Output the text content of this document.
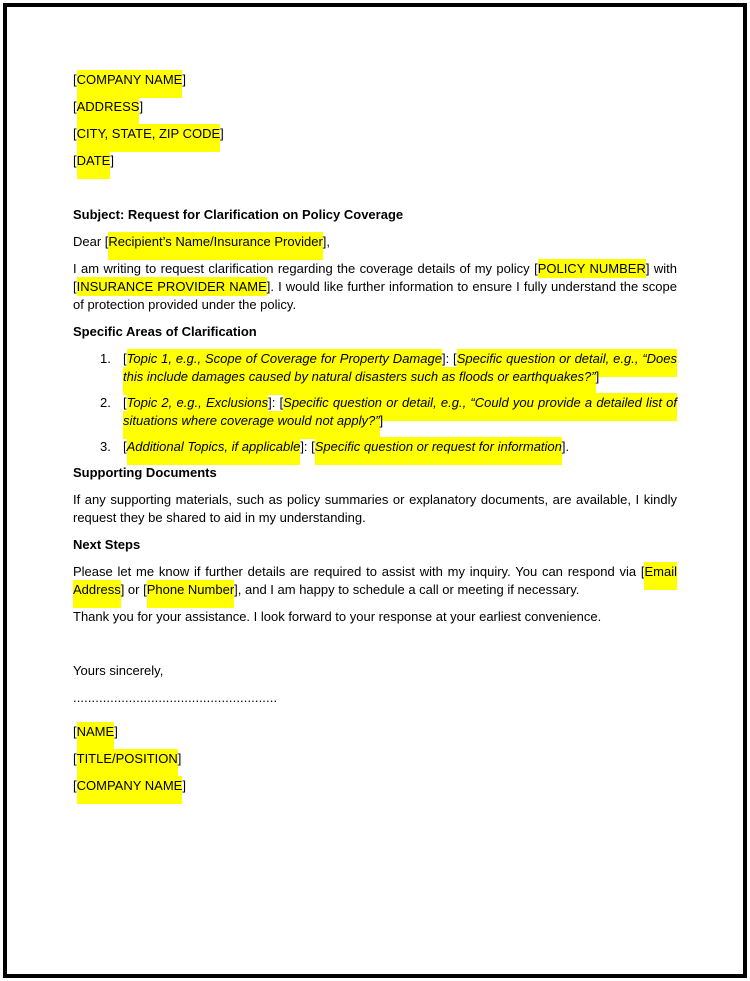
[COMPANY NAME]

[ADDRESS]

[CITY, STATE, ZIP CODE]

[DATE]

Subject: Request for Clarification on Policy Coverage

Dear [Recipient’s Name/Insurance Provider],

I am writing to request clarification regarding the coverage details of my policy [POLICY NUMBER] with [INSURANCE PROVIDER NAME]. I would like further information to ensure I fully understand the scope of protection provided under the policy.

Specific Areas of Clarification

1. [Topic 1, e.g., Scope of Coverage for Property Damage]: [Specific question or detail, e.g., “Does this include damages caused by natural disasters such as floods or earthquakes?”]
2. [Topic 2, e.g., Exclusions]: [Specific question or detail, e.g., “Could you provide a detailed list of situations where coverage would not apply?”]
3. [Additional Topics, if applicable]: [Specific question or request for information].

Supporting Documents

If any supporting materials, such as policy summaries or explanatory documents, are available, I kindly request they be shared to aid in my understanding.

Next Steps

Please let me know if further details are required to assist with my inquiry. You can respond via [Email Address] or [Phone Number], and I am happy to schedule a call or meeting if necessary.

Thank you for your assistance. I look forward to your response at your earliest convenience.

Yours sincerely,

.......................................................

[NAME]

[TITLE/POSITION]

[COMPANY NAME]
